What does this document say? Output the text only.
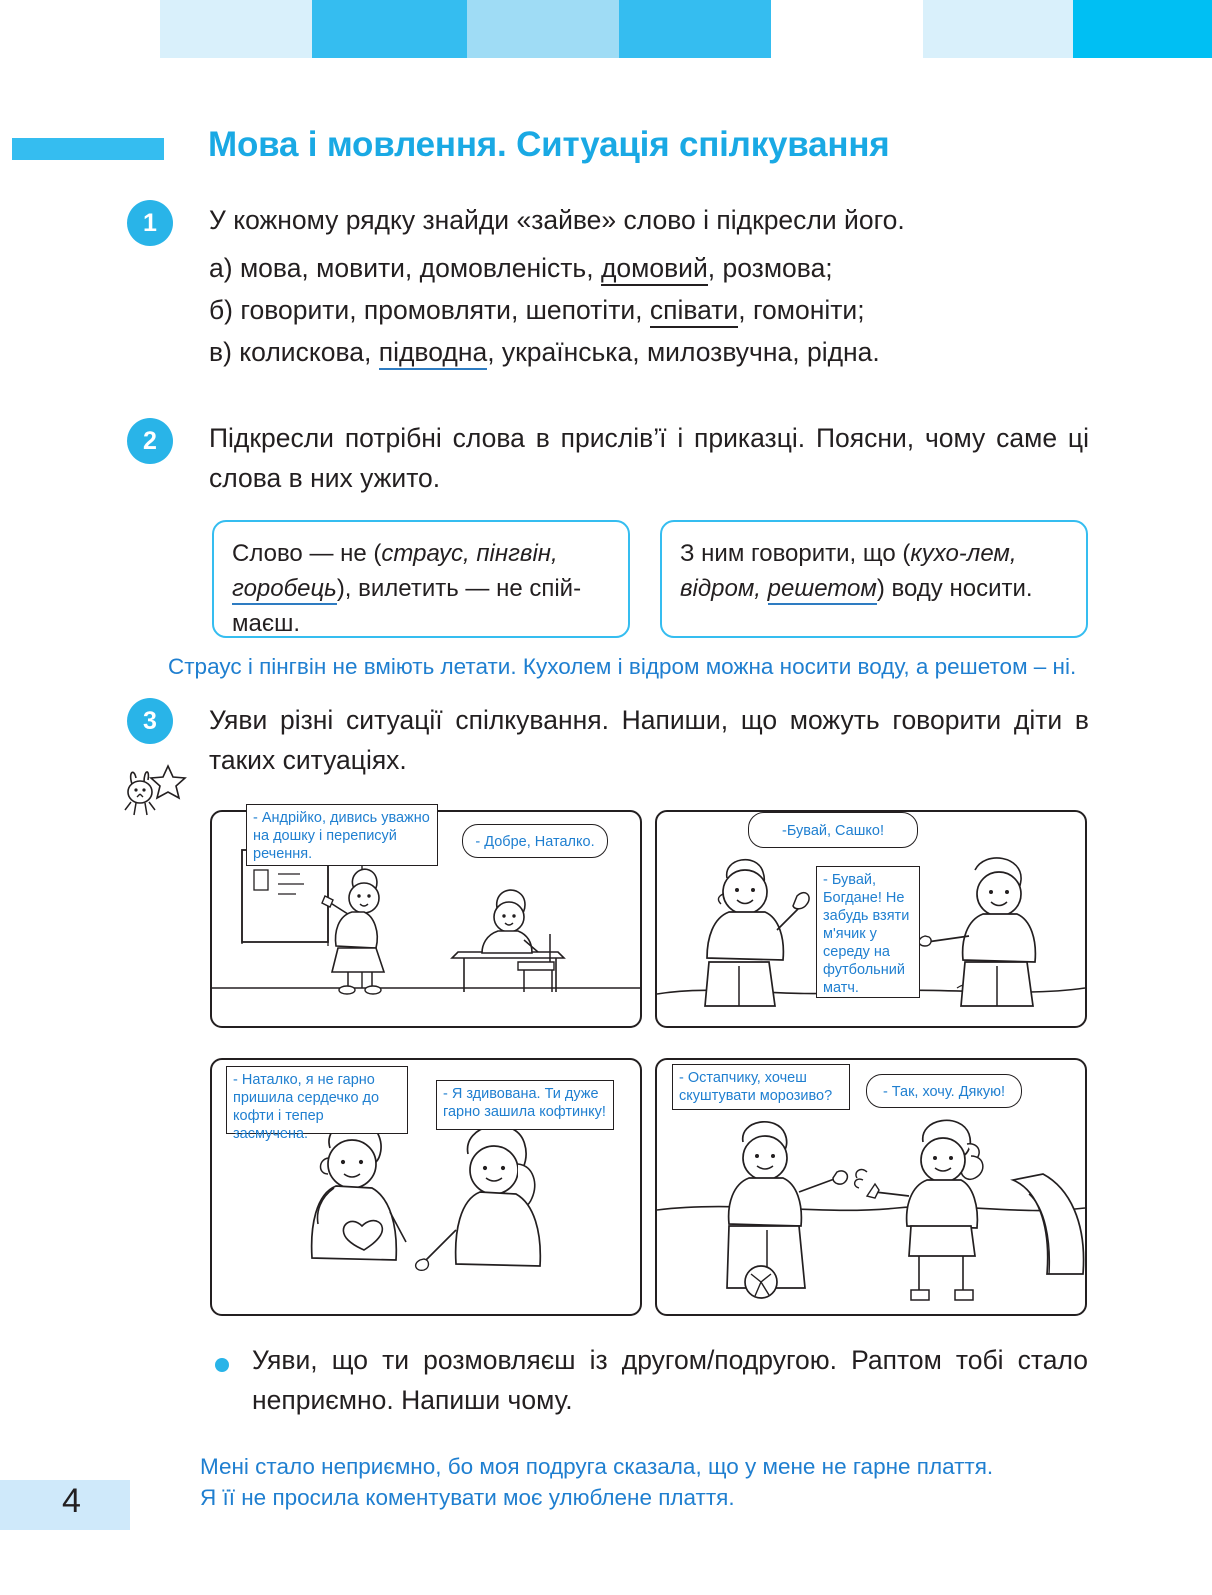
Мова і мовлення. Ситуація спілкування
1	У кожному рядку знайди «зайве» слово і підкресли його.
а) мова, мовити, домовленість, домовий, розмова;
б) говорити, промовляти, шепотіти, співати, гомоніти;
в) колискова, підводна, українська, милозвучна, рідна.
2	Підкресли потрібні слова в прислів’ї і приказці. Поясни, чому саме ці слова в них ужито.
Слово — не (страус, пінгвін, горобець), вилетить — не спій-маєш.
З ним говорити, що (кухо-лем, відром, решетом) воду носити.
Страус і пінгвін не вміють летати. Кухолем і відром можна носити воду, а решетом – ні.
3	Уяви різні ситуації спілкування. Напиши, що можуть говорити діти в таких ситуаціях.
- Андрійко, дивись уважно на дошку і переписуй речення.
- Добре, Наталко.
-Бувай, Сашко!
- Бувай, Богдане! Не забудь взяти м'ячик у середу на футбольний матч.
- Наталко, я не гарно пришила сердечко до кофти і тепер засмучена.
- Я здивована. Ти дуже гарно зашила кофтинку!
- Остапчику, хочеш скуштувати морозиво?	- Так, хочу. Дякую!
Уяви, що ти розмовляєш із другом/подругою. Раптом тобі стало неприємно. Напиши чому.
Мені стало неприємно, бо моя подруга сказала, що у мене не гарне плаття.
Я її не просила коментувати моє улюблене плаття.
4
